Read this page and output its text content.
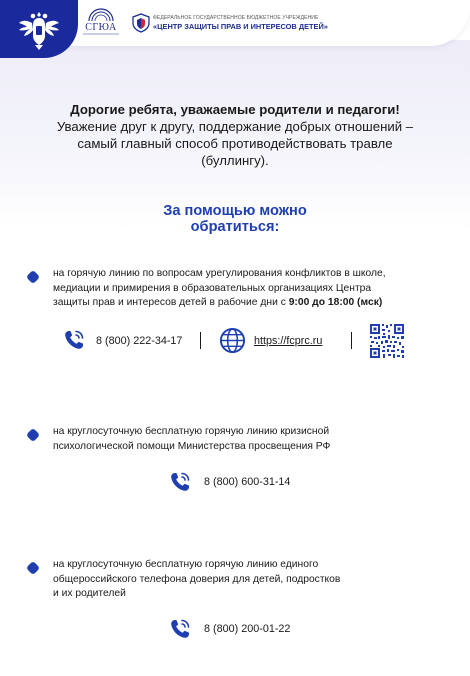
СГЮА
ФЕДЕРАЛЬНОЕ ГОСУДАРСТВЕННОЕ БЮДЖЕТНОЕ УЧРЕЖДЕНИЕ
«ЦЕНТР ЗАЩИТЫ ПРАВ И ИНТЕРЕСОВ ДЕТЕЙ»
Дорогие ребята, уважаемые родители и педагоги!
Уважение друг к другу, поддержание добрых отношений –
самый главный способ противодействовать травле
(буллингу).
За помощью можно
обратиться:
на горячую линию по вопросам урегулирования конфликтов в школе,
медиации и примирения в образовательных организациях Центра
защиты прав и интересов детей в рабочие дни с 9:00 до 18:00 (мск)
8 (800) 222-34-17	https://fcprc.ru
на круглосуточную бесплатную горячую линию кризисной
психологической помощи Министерства просвещения РФ
8 (800) 600-31-14
на круглосуточную бесплатную горячую линию единого
общероссийского телефона доверия для детей, подростков
и их родителей
8 (800) 200-01-22
